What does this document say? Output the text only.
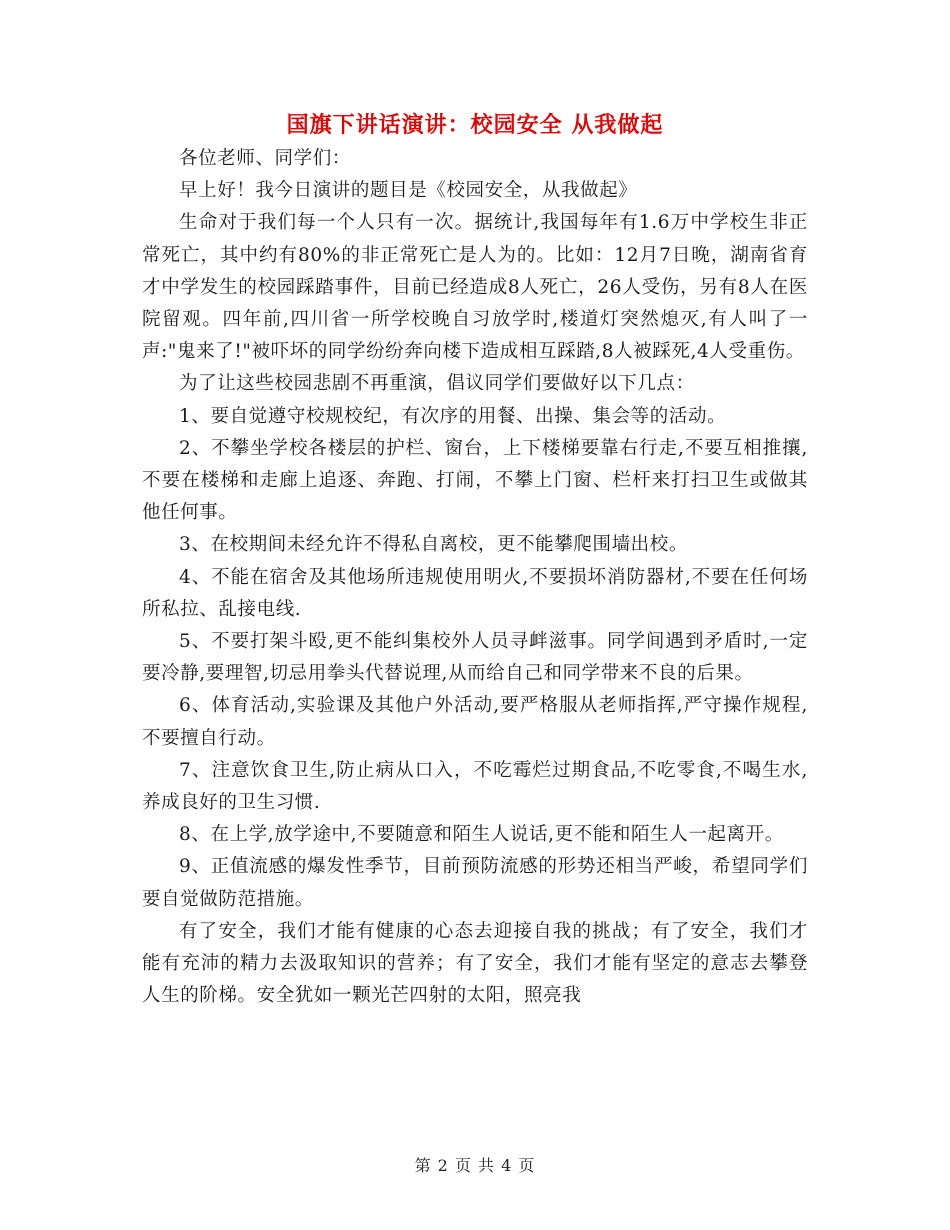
国旗下讲话演讲：校园安全 从我做起

各位老师、同学们：

早上好！我今日演讲的题目是《校园安全，从我做起》

生命对于我们每一个人只有一次。据统计,我国每年有1.6万中学校生非正常死亡，其中约有80%的非正常死亡是人为的。比如：12月7日晚，湖南省育才中学发生的校园踩踏事件，目前已经造成8人死亡，26人受伤，另有8人在医院留观。四年前,四川省一所学校晚自习放学时,楼道灯突然熄灭,有人叫了一声:"鬼来了!"被吓坏的同学纷纷奔向楼下造成相互踩踏,8人被踩死,4人受重伤。

为了让这些校园悲剧不再重演，倡议同学们要做好以下几点：

1、要自觉遵守校规校纪，有次序的用餐、出操、集会等的活动。

2、不攀坐学校各楼层的护栏、窗台，上下楼梯要靠右行走,不要互相推攘,不要在楼梯和走廊上追逐、奔跑、打闹，不攀上门窗、栏杆来打扫卫生或做其他任何事。

3、在校期间未经允许不得私自离校，更不能攀爬围墙出校。

4、不能在宿舍及其他场所违规使用明火,不要损坏消防器材,不要在任何场所私拉、乱接电线.

5、不要打架斗殴,更不能纠集校外人员寻衅滋事。同学间遇到矛盾时,一定要冷静,要理智,切忌用拳头代替说理,从而给自己和同学带来不良的后果。

6、体育活动,实验课及其他户外活动,要严格服从老师指挥,严守操作规程,不要擅自行动。

7、注意饮食卫生,防止病从口入，不吃霉烂过期食品,不吃零食,不喝生水,养成良好的卫生习惯.

8、在上学,放学途中,不要随意和陌生人说话,更不能和陌生人一起离开。

9、正值流感的爆发性季节，目前预防流感的形势还相当严峻，希望同学们要自觉做防范措施。

有了安全，我们才能有健康的心态去迎接自我的挑战；有了安全，我们才能有充沛的精力去汲取知识的营养；有了安全，我们才能有坚定的意志去攀登人生的阶梯。安全犹如一颗光芒四射的太阳，照亮我

第 2 页 共 4 页
